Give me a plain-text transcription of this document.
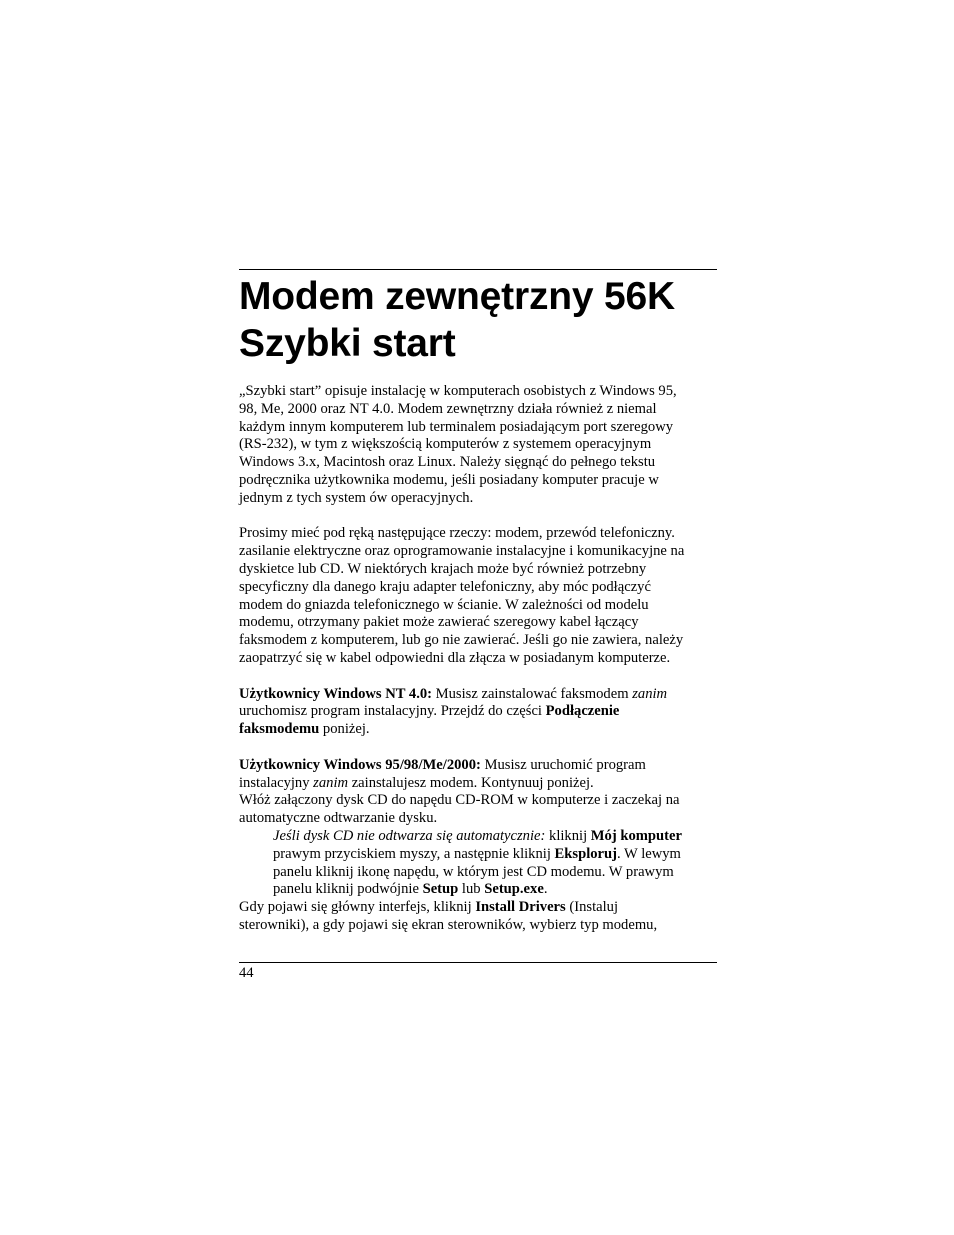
Modem zewnętrzny 56K
Szybki start

„Szybki start” opisuje instalację w komputerach osobistych z Windows 95,
98, Me, 2000 oraz NT 4.0. Modem zewnętrzny działa również z niemal
każdym innym komputerem lub terminalem posiadającym port szeregowy
(RS-232), w tym z większością komputerów z systemem operacyjnym
Windows 3.x, Macintosh oraz Linux. Należy sięgnąć do pełnego tekstu
podręcznika użytkownika modemu, jeśli posiadany komputer pracuje w
jednym z tych system ów operacyjnych.

Prosimy mieć pod ręką następujące rzeczy: modem, przewód telefoniczny.
zasilanie elektryczne oraz oprogramowanie instalacyjne i komunikacyjne na
dyskietce lub CD. W niektórych krajach może być również potrzebny
specyficzny dla danego kraju adapter telefoniczny, aby móc podłączyć
modem do gniazda telefonicznego w ścianie. W zależności od modelu
modemu, otrzymany pakiet może zawierać szeregowy kabel łączący
faksmodem z komputerem, lub go nie zawierać. Jeśli go nie zawiera, należy
zaopatrzyć się w kabel odpowiedni dla złącza w posiadanym komputerze.

Użytkownicy Windows NT 4.0: Musisz zainstalować faksmodem zanim
uruchomisz program instalacyjny. Przejdź do części Podłączenie
faksmodemu poniżej.

Użytkownicy Windows 95/98/Me/2000: Musisz uruchomić program
instalacyjny zanim zainstalujesz modem. Kontynuuj poniżej.
Włóż załączony dysk CD do napędu CD-ROM w komputerze i zaczekaj na
automatyczne odtwarzanie dysku.
Jeśli dysk CD nie odtwarza się automatycznie: kliknij Mój komputer
prawym przyciskiem myszy, a następnie kliknij Eksploruj. W lewym
panelu kliknij ikonę napędu, w którym jest CD modemu. W prawym
panelu kliknij podwójnie Setup lub Setup.exe.
Gdy pojawi się główny interfejs, kliknij Install Drivers (Instaluj
sterowniki), a gdy pojawi się ekran sterowników, wybierz typ modemu,

44
